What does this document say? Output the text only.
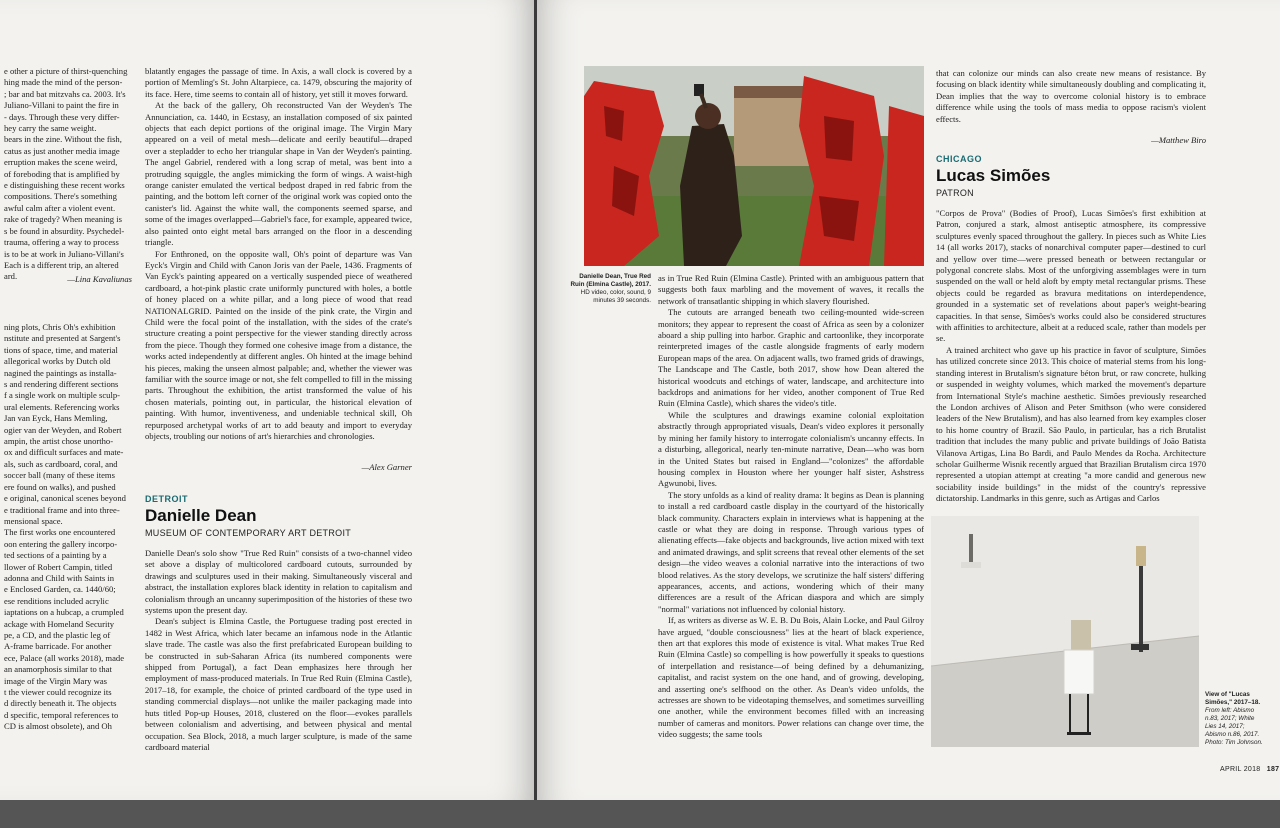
e other a picture of thirst-quenching
hing made the mind of the person-
; bar and bat mitzvahs ca. 2003. It's
Juliano-Villani to paint the fire in
- days. Through these very differ-
hey carry the same weight.
bears in the zine. Without the fish,
catus as just another media image
erruption makes the scene weird,
of foreboding that is amplified by
e distinguishing these recent works
compositions. There's something
awful calm after a violent event.
rake of tragedy? When meaning is
s be found in absurdity. Psychedel-
trauma, offering a way to process
is to be at work in Juliano-Villani's
Each is a different trip, an altered
ard.	—Lina Kavaliunas
ning plots, Chris Oh's exhibition
nstitute and presented at Sargent's
tions of space, time, and material
allegorical works by Dutch old
nagined the paintings as installa-
s and rendering different sections
f a single work on multiple sculp-
ural elements. Referencing works
Jan van Eyck, Hans Memling,
ogier van der Weyden, and Robert
ampin, the artist chose unortho-
ox and difficult surfaces and mate-
als, such as cardboard, coral, and
soccer ball (many of these items
ere found on walks), and pushed
e original, canonical scenes beyond
e traditional frame and into three-
mensional space.
The first works one encountered
oon entering the gallery incorpo-
ted sections of a painting by a
llower of Robert Campin, titled
adonna and Child with Saints in
e Enclosed Garden, ca. 1440/60;
ese renditions included acrylic
iaptations on a hubcap, a crumpled
ackage with Homeland Security
pe, a CD, and the plastic leg of
A-frame barricade. For another
ece, Palace (all works 2018), made
an anamorphosis similar to that
image of the Virgin Mary was
t the viewer could recognize its
d directly beneath it. The objects
d specific, temporal references to
CD is almost obsolete), and Oh

blatantly engages the passage of time. In Axis, a wall clock is covered by a portion of Memling's St. John Altarpiece, ca. 1479, obscuring the majority of its face. Here, time seems to contain all of history, yet still it moves forward.

At the back of the gallery, Oh reconstructed Van der Weyden's The Annunciation, ca. 1440, in Ecstasy, an installation composed of six painted objects that each depict portions of the original image. The Virgin Mary appeared on a veil of metal mesh—delicate and eerily beautiful—draped over a stepladder to echo her triangular shape in Van der Weyden's painting. The angel Gabriel, rendered with a long scrap of metal, was bent into a protruding squiggle, the angles mimicking the form of wings. A waist-high orange canister emulated the vertical bedpost draped in red fabric from the painting, and the bottom left corner of the original work was copied onto the canister's lid. Against the white wall, the components seemed sparse, and some of the images overlapped—Gabriel's face, for example, appeared twice, also painted onto eight metal bars arranged on the floor in a descending triangle.

For Enthroned, on the opposite wall, Oh's point of departure was Van Eyck's Virgin and Child with Canon Joris van der Paele, 1436. Fragments of Van Eyck's painting appeared on a vertically suspended piece of weathered cardboard, a hot-pink plastic crate uniformly punctured with holes, a bottle of honey placed on a white pillar, and a long piece of wood that read NATIONALGRID. Painted on the inside of the pink crate, the Virgin and Child were the focal point of the installation, with the sides of the crate's structure creating a point perspective for the viewer standing directly across from the piece. Though they formed one cohesive image from a distance, the works acted independently at different angles. Oh hinted at the image behind his pieces, making the unseen almost palpable; and, whether the viewer was familiar with the source image or not, she felt compelled to fill in the missing parts. Throughout the exhibition, the artist transformed the value of his chosen materials, pointing out, in particular, the historical elevation of painting. With humor, inventiveness, and undeniable technical skill, Oh repurposed archetypal works of art to add beauty and import to everyday objects, troubling our notions of art's hierarchies and chronologies.

—Alex Garner
DETROIT
Danielle Dean
MUSEUM OF CONTEMPORARY ART DETROIT

Danielle Dean's solo show "True Red Ruin" consists of a two-channel video set above a display of multicolored cardboard cutouts, surrounded by drawings and sculptures used in their making. Simultaneously visceral and abstract, the installation explores black identity in relation to capitalism and colonialism through an uncanny superimposition of the histories of these two systems upon the present day.

Dean's subject is Elmina Castle, the Portuguese trading post erected in 1482 in West Africa, which later became an infamous node in the Atlantic slave trade. The castle was also the first prefabricated European building to be constructed in sub-Saharan Africa (its numbered components were shipped from Portugal), a fact Dean emphasizes here through her employment of mass-produced materials. In True Red Ruin (Elmina Castle), 2017–18, for example, the choice of printed cardboard of the type used in standing commercial displays—not unlike the mailer packaging made into huts titled Pop-up Houses, 2018, clustered on the floor—evokes parallels between colonialism and advertising, and between physical and mental occupation. Sea Block, 2018, a much larger sculpture, is made of the same cardboard material

Danielle Dean, True Red Ruin (Elmina Castle), 2017. HD video, color, sound, 9 minutes 39 seconds.

as in True Red Ruin (Elmina Castle). Printed with an ambiguous pattern that suggests both faux marbling and the movement of waves, it recalls the network of transatlantic shipping in which slavery flourished.

The cutouts are arranged beneath two ceiling-mounted wide-screen monitors; they appear to represent the coast of Africa as seen by a colonizer aboard a ship pulling into harbor. Graphic and cartoonlike, they incorporate reinterpreted images of the castle alongside fragments of early modern European maps of the area. On adjacent walls, two framed grids of drawings, The Landscape and The Castle, both 2017, show how Dean altered the historical woodcuts and etchings of water, landscape, and architecture into backdrops and animations for her video, another component of True Red Ruin (Elmina Castle), which shares the video's title.

While the sculptures and drawings examine colonial exploitation abstractly through appropriated visuals, Dean's video explores it personally by mining her family history to interrogate colonialism's uncanny effects. In a disturbing, allegorical, nearly ten-minute narrative, Dean—who was born in the United States but raised in England—"colonizes" the affordable housing complex in Houston where her younger half sister, Ashstress Agwunobi, lives.

The story unfolds as a kind of reality drama: It begins as Dean is planning to install a red cardboard castle display in the courtyard of the historically black community. Characters explain in interviews what is happening at the castle or what they are doing in response. Through various types of alienating effects—fake objects and backgrounds, live action mixed with text and animated drawings, and split screens that reveal other elements of the set design—the video weaves a colonial narrative into the interactions of two blood relatives. As the story develops, we scrutinize the half sisters' differing appearances, accents, and actions, wondering which of their many differences are a result of the African diaspora and which are simply "normal" variations not influenced by colonial history.

If, as writers as diverse as W. E. B. Du Bois, Alain Locke, and Paul Gilroy have argued, "double consciousness" lies at the heart of black experience, then art that explores this mode of existence is vital. What makes True Red Ruin (Elmina Castle) so compelling is how powerfully it speaks to questions of interpellation and resistance—of being defined by a dehumanizing, capitalist, and racist system on the one hand, and of growing, developing, and asserting one's selfhood on the other. As Dean's video unfolds, the actresses are shown to be videotaping themselves, and sometimes surveilling one another, while the environment becomes filled with an increasing number of cameras and monitors. Power relations can change over time, the video suggests; the same tools

that can colonize our minds can also create new means of resistance. By focusing on black identity while simultaneously doubling and complicating it, Dean implies that the way to overcome colonial history is to embrace difference while using the tools of mass media to oppose racism's violent effects.

—Matthew Biro

CHICAGO
Lucas Simões
PATRON

"Corpos de Prova" (Bodies of Proof), Lucas Simões's first exhibition at Patron, conjured a stark, almost antiseptic atmosphere, its compressive sculptures evenly spaced throughout the gallery. In pieces such as White Lies 14 (all works 2017), stacks of nonarchival computer paper—destined to curl and yellow over time—were pressed beneath or between rectangular or polygonal concrete slabs. Most of the unforgiving assemblages were in turn suspended on the wall or held aloft by empty metal rectangular prisms. These objects could be regarded as bravura meditations on interdependence, grounded in a systematic set of revelations about paper's weight-bearing capacities. In that sense, Simões's works could also be considered structures with affinities to architecture, albeit at a reduced scale, rather than models per se.

A trained architect who gave up his practice in favor of sculpture, Simões has utilized concrete since 2013. This choice of material stems from his long-standing interest in Brutalism's signature béton brut, or raw concrete, hulking or suspended in weighty volumes, which marked the movement's departure from International Style's machine aesthetic. Simões previously researched the London archives of Alison and Peter Smithson (who were considered leaders of the New Brutalism), and has also learned from key examples closer to his home country of Brazil. São Paulo, in particular, has a rich Brutalist tradition that includes the many public and private buildings of João Batista Vilanova Artigas, Lina Bo Bardi, and Paulo Mendes da Rocha. Architecture scholar Guilherme Wisnik recently argued that Brazilian Brutalism circa 1970 represented a utopian attempt at creating "a more candid and generous new sociability inside buildings" in the midst of the country's repressive dictatorship. Landmarks in this genre, such as Artigas and Carlos

View of "Lucas Simões," 2017–18. From left: Abismo n.83, 2017; White Lies 14, 2017; Abismo n.86, 2017. Photo: Tim Johnson.
APRIL 2018 187
